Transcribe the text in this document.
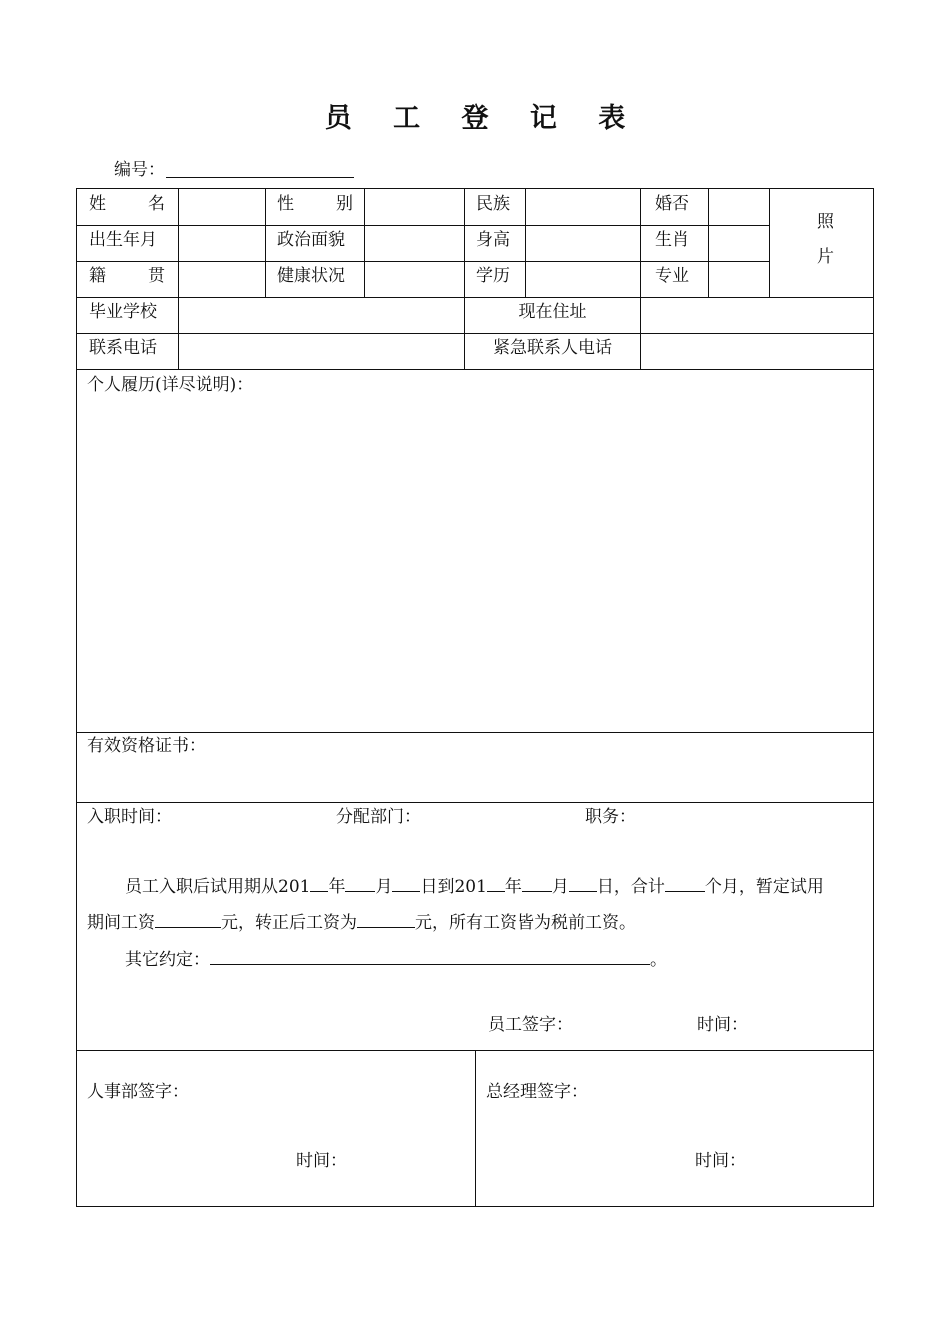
员 工 登 记 表
编号：
姓 名	性 别	民族	婚否
照
片
出生年月	政治面貌	身高	生肖
籍 贯	健康状况	学历	专业
毕业学校	现在住址
联系电话	紧急联系人电话
个人履历(详尽说明)：
有效资格证书：
入职时间：	分配部门：	职务：
员工入职后试用期从201 年 月 日到201 年 月 日，合计 个月，暂定试用
期间工资	元，转正后工资为	元，所有工资皆为税前工资。
其它约定：	。
员工签字：	时间：
人事部签字：
时间：
总经理签字：
时间：
